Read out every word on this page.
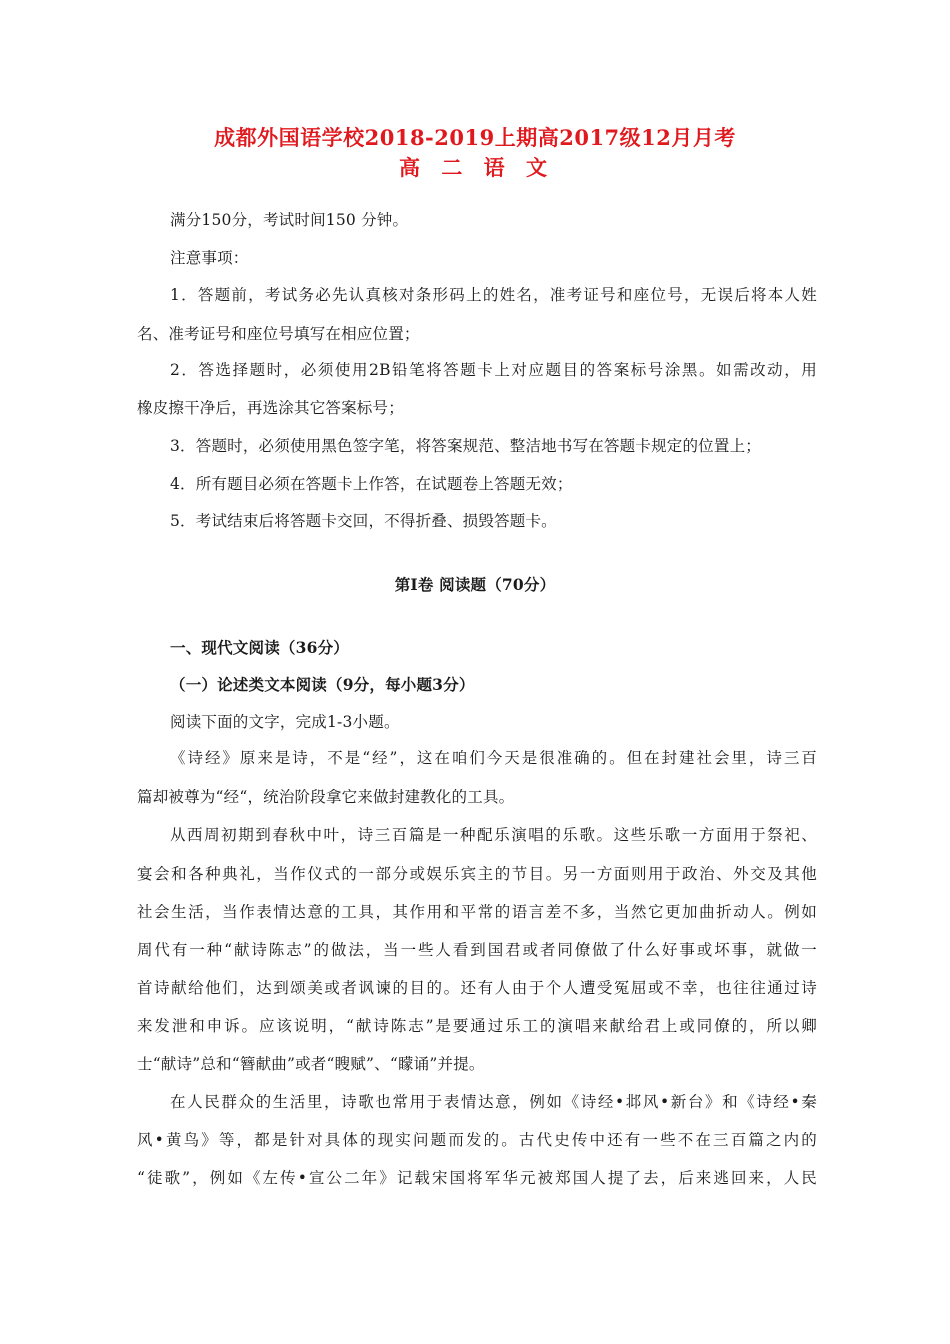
成都外国语学校2018-2019上期高2017级12月月考
高 二 语 文
满分150分，考试时间150 分钟。
注意事项：
1．答题前，考试务必先认真核对条形码上的姓名，准考证号和座位号，无误后将本人姓
名、准考证号和座位号填写在相应位置；
2．答选择题时，必须使用2B铅笔将答题卡上对应题目的答案标号涂黑。如需改动，用
橡皮擦干净后，再选涂其它答案标号；
3．答题时，必须使用黑色签字笔，将答案规范、整洁地书写在答题卡规定的位置上；
4．所有题目必须在答题卡上作答，在试题卷上答题无效；
5．考试结束后将答题卡交回，不得折叠、损毁答题卡。
第Ⅰ卷 阅读题（70分）
一、现代文阅读（36分）
（一）论述类文本阅读（9分，每小题3分）
阅读下面的文字，完成1-3小题。
《诗经》原来是诗，不是“经”，这在咱们今天是很准确的。但在封建社会里，诗三百
篇却被尊为“经“，统治阶段拿它来做封建教化的工具。
从西周初期到春秋中叶，诗三百篇是一种配乐演唱的乐歌。这些乐歌一方面用于祭祀、
宴会和各种典礼，当作仪式的一部分或娱乐宾主的节目。另一方面则用于政治、外交及其他
社会生活，当作表情达意的工具，其作用和平常的语言差不多，当然它更加曲折动人。例如
周代有一种“献诗陈志”的做法，当一些人看到国君或者同僚做了什么好事或坏事，就做一
首诗献给他们，达到颂美或者讽谏的目的。还有人由于个人遭受冤屈或不幸，也往往通过诗
来发泄和申诉。应该说明，“献诗陈志”是要通过乐工的演唱来献给君上或同僚的，所以卿
士“献诗”总和“簪献曲”或者“瞍赋”、“矇诵”并提。
在人民群众的生活里，诗歌也常用于表情达意，例如《诗经•邶风•新台》和《诗经•秦
风•黄鸟》等，都是针对具体的现实问题而发的。古代史传中还有一些不在三百篇之内的
“徒歌”，例如《左传•宣公二年》记载宋国将军华元被郑国人提了去，后来逃回来，人民
